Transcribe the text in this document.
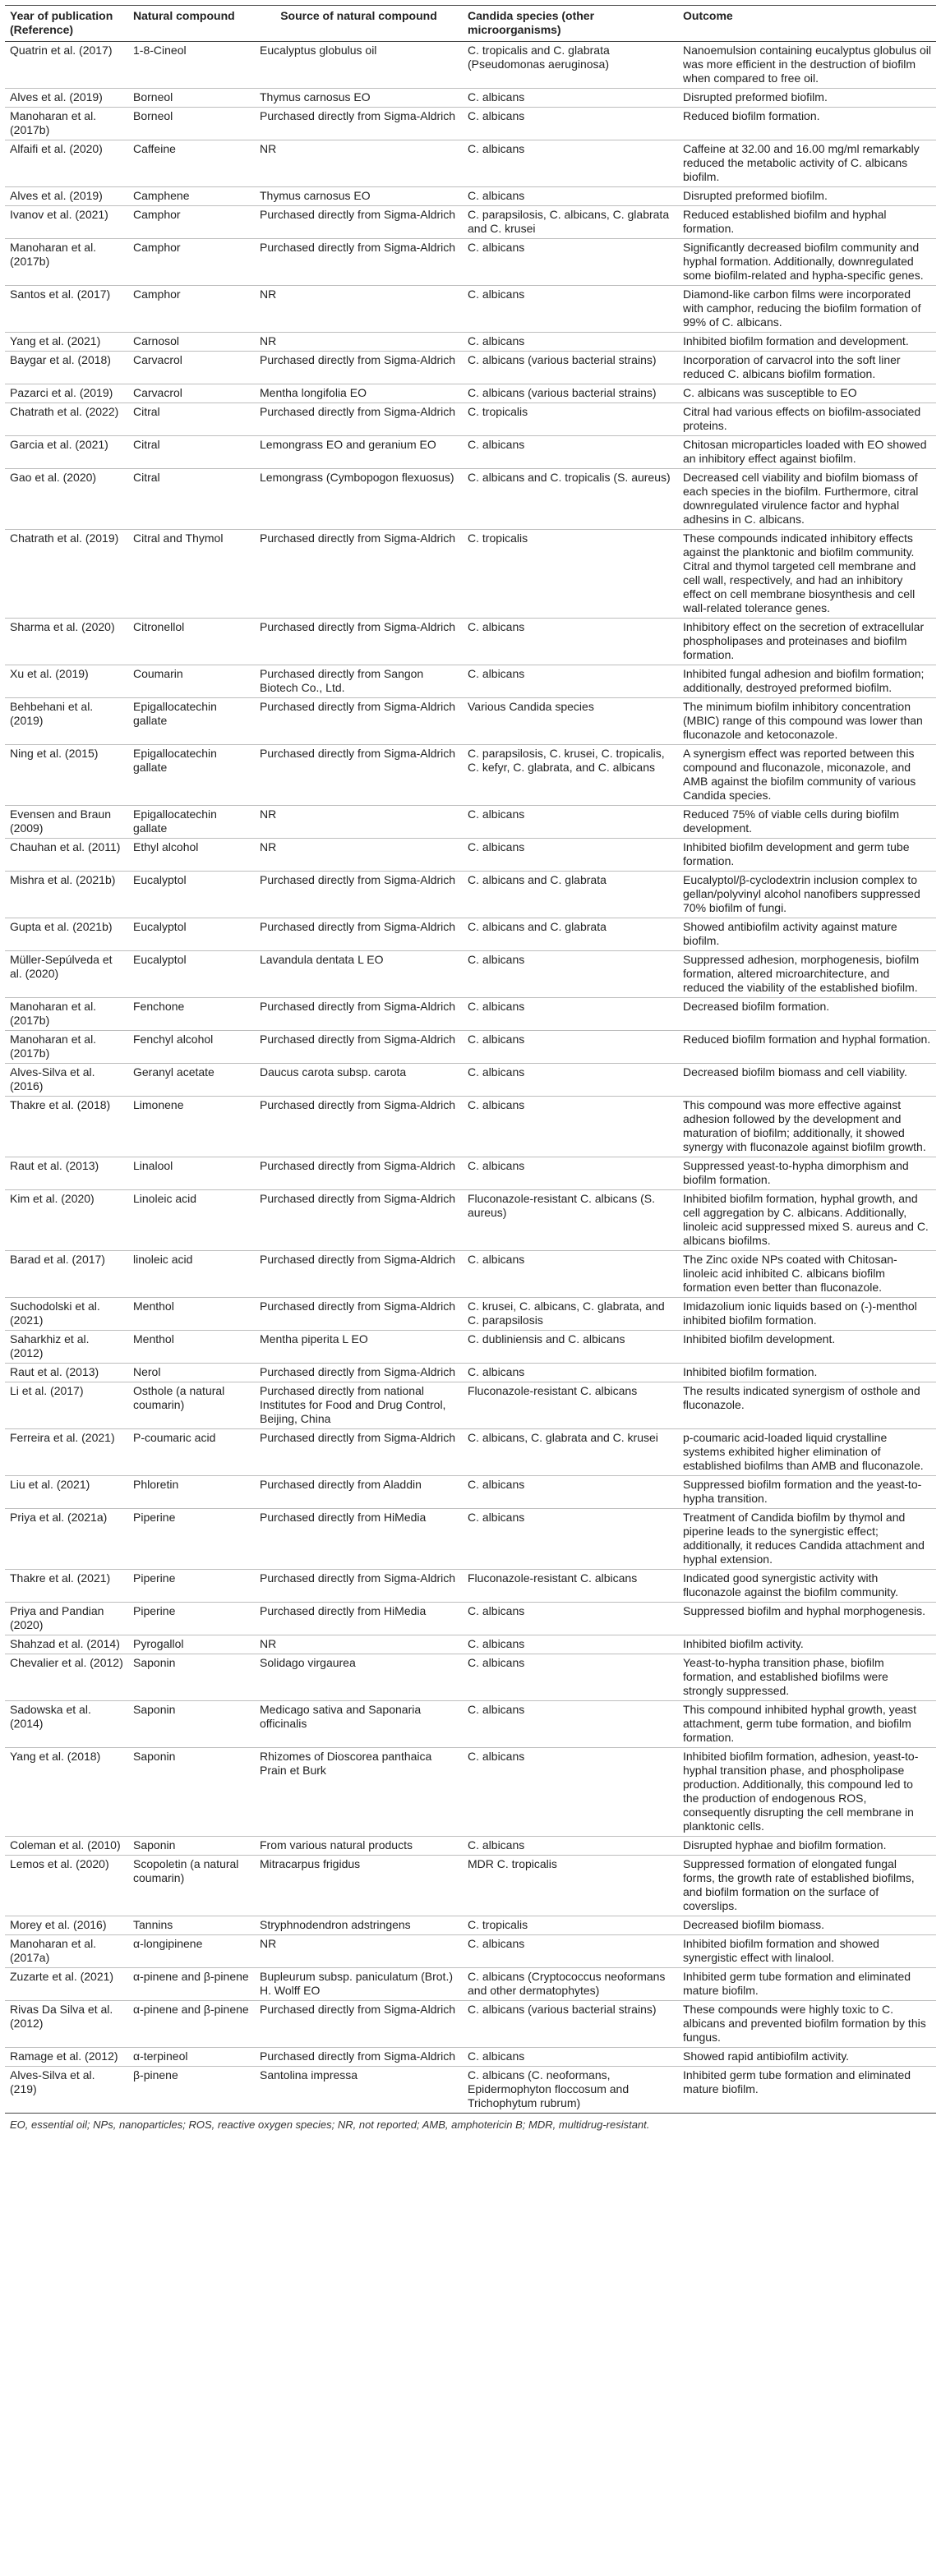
Year of publication (Reference)	Natural compound	Source of natural compound	Candida species (other microorganisms)	Outcome
Quatrin et al. (2017)	1-8-Cineol	Eucalyptus globulus oil	C. tropicalis and C. glabrata (Pseudomonas aeruginosa)	Nanoemulsion containing eucalyptus globulus oil was more efficient in the destruction of biofilm when compared to free oil.
Alves et al. (2019)	Borneol	Thymus carnosus EO	C. albicans	Disrupted preformed biofilm.
Manoharan et al. (2017b)	Borneol	Purchased directly from Sigma-Aldrich	C. albicans	Reduced biofilm formation.
Alfaifi et al. (2020)	Caffeine	NR	C. albicans	Caffeine at 32.00 and 16.00 mg/ml remarkably reduced the metabolic activity of C. albicans biofilm.
Alves et al. (2019)	Camphene	Thymus carnosus EO	C. albicans	Disrupted preformed biofilm.
Ivanov et al. (2021)	Camphor	Purchased directly from Sigma-Aldrich	C. parapsilosis, C. albicans, C. glabrata and C. krusei	Reduced established biofilm and hyphal formation.
Manoharan et al. (2017b)	Camphor	Purchased directly from Sigma-Aldrich	C. albicans	Significantly decreased biofilm community and hyphal formation. Additionally, downregulated some biofilm-related and hypha-specific genes.
Santos et al. (2017)	Camphor	NR	C. albicans	Diamond-like carbon films were incorporated with camphor, reducing the biofilm formation of 99% of C. albicans.
Yang et al. (2021)	Carnosol	NR	C. albicans	Inhibited biofilm formation and development.
Baygar et al. (2018)	Carvacrol	Purchased directly from Sigma-Aldrich	C. albicans (various bacterial strains)	Incorporation of carvacrol into the soft liner reduced C. albicans biofilm formation.
Pazarci et al. (2019)	Carvacrol	Mentha longifolia EO	C. albicans (various bacterial strains)	C. albicans was susceptible to EO
Chatrath et al. (2022)	Citral	Purchased directly from Sigma-Aldrich	C. tropicalis	Citral had various effects on biofilm-associated proteins.
Garcia et al. (2021)	Citral	Lemongrass EO and geranium EO	C. albicans	Chitosan microparticles loaded with EO showed an inhibitory effect against biofilm.
Gao et al. (2020)	Citral	Lemongrass (Cymbopogon flexuosus)	C. albicans and C. tropicalis (S. aureus)	Decreased cell viability and biofilm biomass of each species in the biofilm. Furthermore, citral downregulated virulence factor and hyphal adhesins in C. albicans.
Chatrath et al. (2019)	Citral and Thymol	Purchased directly from Sigma-Aldrich	C. tropicalis	These compounds indicated inhibitory effects against the planktonic and biofilm community. Citral and thymol targeted cell membrane and cell wall, respectively, and had an inhibitory effect on cell membrane biosynthesis and cell wall-related tolerance genes.
Sharma et al. (2020)	Citronellol	Purchased directly from Sigma-Aldrich	C. albicans	Inhibitory effect on the secretion of extracellular phospholipases and proteinases and biofilm formation.
Xu et al. (2019)	Coumarin	Purchased directly from Sangon Biotech Co., Ltd.	C. albicans	Inhibited fungal adhesion and biofilm formation; additionally, destroyed preformed biofilm.
Behbehani et al. (2019)	Epigallocatechin gallate	Purchased directly from Sigma-Aldrich	Various Candida species	The minimum biofilm inhibitory concentration (MBIC) range of this compound was lower than fluconazole and ketoconazole.
Ning et al. (2015)	Epigallocatechin gallate	Purchased directly from Sigma-Aldrich	C. parapsilosis, C. krusei, C. tropicalis, C. kefyr, C. glabrata, and C. albicans	A synergism effect was reported between this compound and fluconazole, miconazole, and AMB against the biofilm community of various Candida species.
Evensen and Braun (2009)	Epigallocatechin gallate	NR	C. albicans	Reduced 75% of viable cells during biofilm development.
Chauhan et al. (2011)	Ethyl alcohol	NR	C. albicans	Inhibited biofilm development and germ tube formation.
Mishra et al. (2021b)	Eucalyptol	Purchased directly from Sigma-Aldrich	C. albicans and C. glabrata	Eucalyptol/β-cyclodextrin inclusion complex to gellan/polyvinyl alcohol nanofibers suppressed 70% biofilm of fungi.
Gupta et al. (2021b)	Eucalyptol	Purchased directly from Sigma-Aldrich	C. albicans and C. glabrata	Showed antibiofilm activity against mature biofilm.
Müller-Sepúlveda et al. (2020)	Eucalyptol	Lavandula dentata L EO	C. albicans	Suppressed adhesion, morphogenesis, biofilm formation, altered microarchitecture, and reduced the viability of the established biofilm.
Manoharan et al. (2017b)	Fenchone	Purchased directly from Sigma-Aldrich	C. albicans	Decreased biofilm formation.
Manoharan et al. (2017b)	Fenchyl alcohol	Purchased directly from Sigma-Aldrich	C. albicans	Reduced biofilm formation and hyphal formation.
Alves-Silva et al. (2016)	Geranyl acetate	Daucus carota subsp. carota	C. albicans	Decreased biofilm biomass and cell viability.
Thakre et al. (2018)	Limonene	Purchased directly from Sigma-Aldrich	C. albicans	This compound was more effective against adhesion followed by the development and maturation of biofilm; additionally, it showed synergy with fluconazole against biofilm growth.
Raut et al. (2013)	Linalool	Purchased directly from Sigma-Aldrich	C. albicans	Suppressed yeast-to-hypha dimorphism and biofilm formation.
Kim et al. (2020)	Linoleic acid	Purchased directly from Sigma-Aldrich	Fluconazole-resistant C. albicans (S. aureus)	Inhibited biofilm formation, hyphal growth, and cell aggregation by C. albicans. Additionally, linoleic acid suppressed mixed S. aureus and C. albicans biofilms.
Barad et al. (2017)	linoleic acid	Purchased directly from Sigma-Aldrich	C. albicans	The Zinc oxide NPs coated with Chitosan-linoleic acid inhibited C. albicans biofilm formation even better than fluconazole.
Suchodolski et al. (2021)	Menthol	Purchased directly from Sigma-Aldrich	C. krusei, C. albicans, C. glabrata, and C. parapsilosis	Imidazolium ionic liquids based on (-)-menthol inhibited biofilm formation.
Saharkhiz et al. (2012)	Menthol	Mentha piperita L EO	C. dubliniensis and C. albicans	Inhibited biofilm development.
Raut et al. (2013)	Nerol	Purchased directly from Sigma-Aldrich	C. albicans	Inhibited biofilm formation.
Li et al. (2017)	Osthole (a natural coumarin)	Purchased directly from national Institutes for Food and Drug Control, Beijing, China	Fluconazole-resistant C. albicans	The results indicated synergism of osthole and fluconazole.
Ferreira et al. (2021)	P-coumaric acid	Purchased directly from Sigma-Aldrich	C. albicans, C. glabrata and C. krusei	p-coumaric acid-loaded liquid crystalline systems exhibited higher elimination of established biofilms than AMB and fluconazole.
Liu et al. (2021)	Phloretin	Purchased directly from Aladdin	C. albicans	Suppressed biofilm formation and the yeast-to-hypha transition.
Priya et al. (2021a)	Piperine	Purchased directly from HiMedia	C. albicans	Treatment of Candida biofilm by thymol and piperine leads to the synergistic effect; additionally, it reduces Candida attachment and hyphal extension.
Thakre et al. (2021)	Piperine	Purchased directly from Sigma-Aldrich	Fluconazole-resistant C. albicans	Indicated good synergistic activity with fluconazole against the biofilm community.
Priya and Pandian (2020)	Piperine	Purchased directly from HiMedia	C. albicans	Suppressed biofilm and hyphal morphogenesis.
Shahzad et al. (2014)	Pyrogallol	NR	C. albicans	Inhibited biofilm activity.
Chevalier et al. (2012)	Saponin	Solidago virgaurea	C. albicans	Yeast-to-hypha transition phase, biofilm formation, and established biofilms were strongly suppressed.
Sadowska et al. (2014)	Saponin	Medicago sativa and Saponaria officinalis	C. albicans	This compound inhibited hyphal growth, yeast attachment, germ tube formation, and biofilm formation.
Yang et al. (2018)	Saponin	Rhizomes of Dioscorea panthaica Prain et Burk	C. albicans	Inhibited biofilm formation, adhesion, yeast-to-hyphal transition phase, and phospholipase production. Additionally, this compound led to the production of endogenous ROS, consequently disrupting the cell membrane in planktonic cells.
Coleman et al. (2010)	Saponin	From various natural products	C. albicans	Disrupted hyphae and biofilm formation.
Lemos et al. (2020)	Scopoletin (a natural coumarin)	Mitracarpus frigidus	MDR C. tropicalis	Suppressed formation of elongated fungal forms, the growth rate of established biofilms, and biofilm formation on the surface of coverslips.
Morey et al. (2016)	Tannins	Stryphnodendron adstringens	C. tropicalis	Decreased biofilm biomass.
Manoharan et al. (2017a)	α-longipinene	NR	C. albicans	Inhibited biofilm formation and showed synergistic effect with linalool.
Zuzarte et al. (2021)	α-pinene and β-pinene	Bupleurum subsp. paniculatum (Brot.) H. Wolff EO	C. albicans (Cryptococcus neoformans and other dermatophytes)	Inhibited germ tube formation and eliminated mature biofilm.
Rivas Da Silva et al. (2012)	α-pinene and β-pinene	Purchased directly from Sigma-Aldrich	C. albicans (various bacterial strains)	These compounds were highly toxic to C. albicans and prevented biofilm formation by this fungus.
Ramage et al. (2012)	α-terpineol	Purchased directly from Sigma-Aldrich	C. albicans	Showed rapid antibiofilm activity.
Alves-Silva et al. (219)	β-pinene	Santolina impressa	C. albicans (C. neoformans, Epidermophyton floccosum and Trichophytum rubrum)	Inhibited germ tube formation and eliminated mature biofilm.
EO, essential oil; NPs, nanoparticles; ROS, reactive oxygen species; NR, not reported; AMB, amphotericin B; MDR, multidrug-resistant.
